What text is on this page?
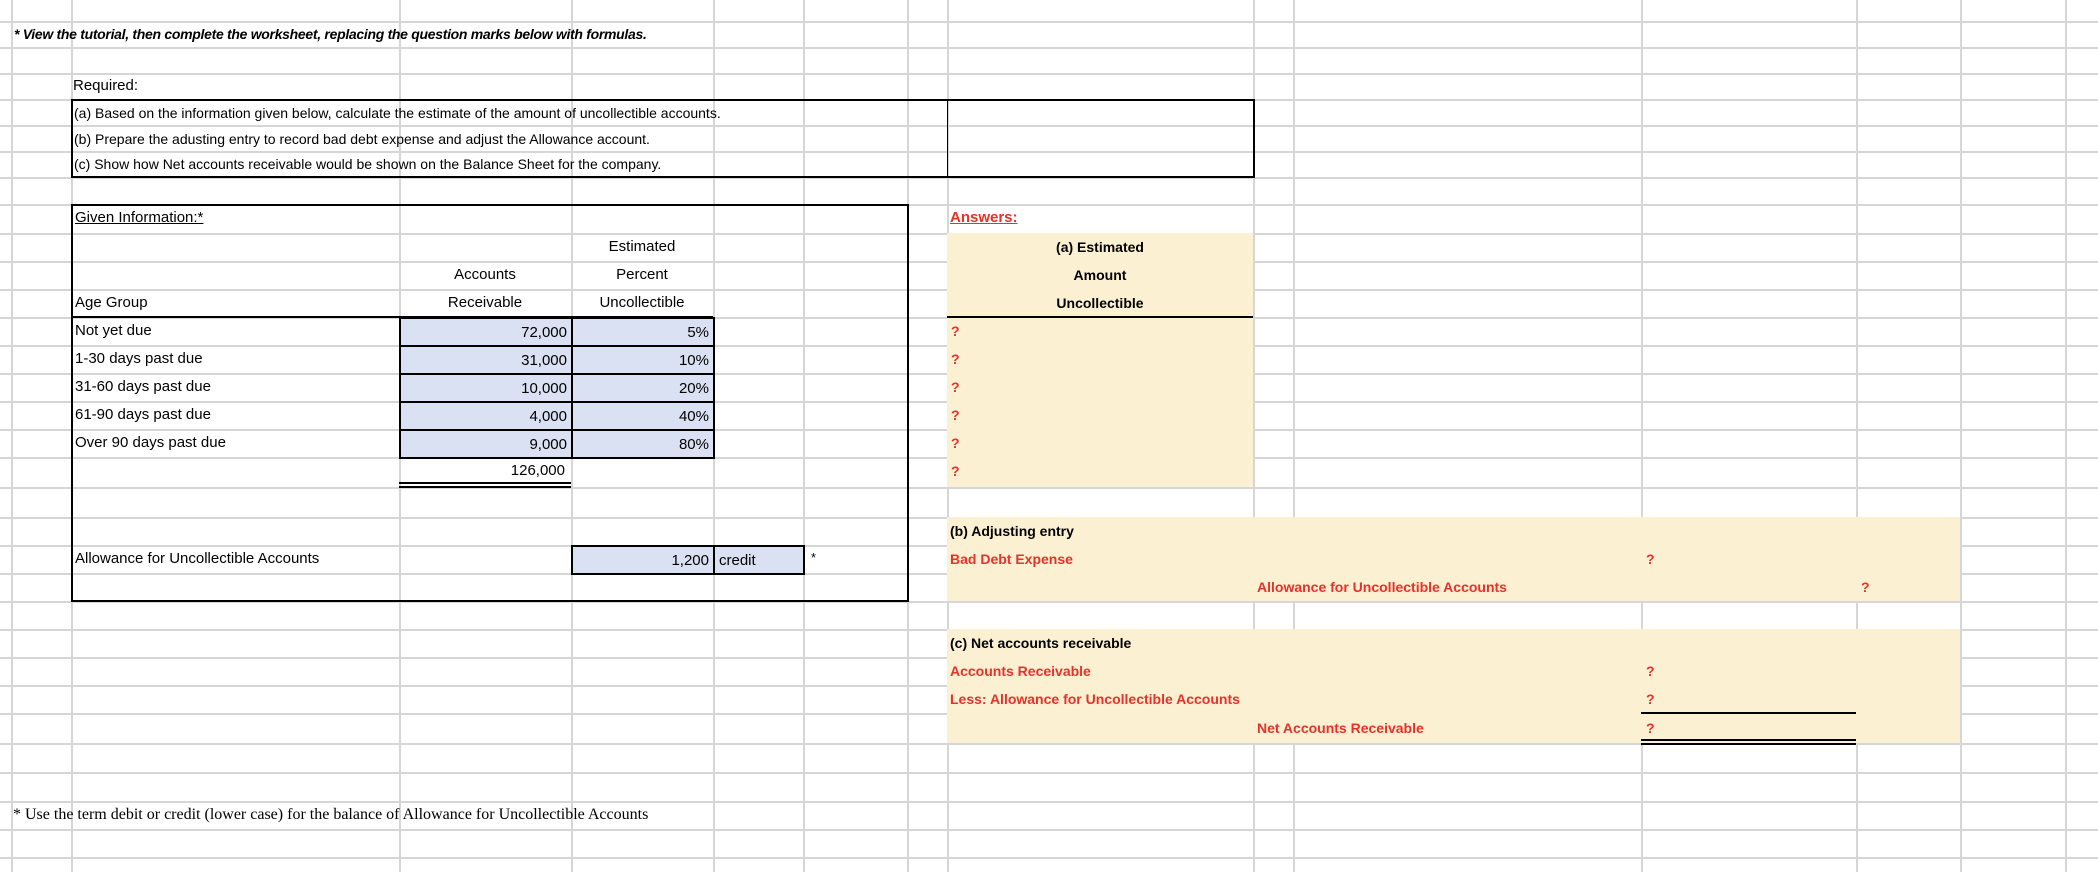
* View the tutorial, then complete the worksheet, replacing the question marks below with formulas.
Required:
(a) Based on the information given below, calculate the estimate of the amount of uncollectible accounts.
(b) Prepare the adusting entry to record bad debt expense and adjust the Allowance account.
(c) Show how Net accounts receivable would be shown on the Balance Sheet for the company.
Given Information:*
Estimated
Accounts	Percent
Age Group	Receivable	Uncollectible
Not yet due	72,000	5%
1-30 days past due	31,000	10%
31-60 days past due	10,000	20%
61-90 days past due	4,000	40%
Over 90 days past due	9,000	80%
126,000
Allowance for Uncollectible Accounts	1,200 credit	*
Answers:
(a) Estimated
Amount
Uncollectible
?
?
?
?
?
?
(b) Adjusting entry
Bad Debt Expense	?
Allowance for Uncollectible Accounts	?
(c) Net accounts receivable
Accounts Receivable	?
Less: Allowance for Uncollectible Accounts	?
Net Accounts Receivable	?
* Use the term debit or credit (lower case) for the balance of Allowance for Uncollectible Accounts
